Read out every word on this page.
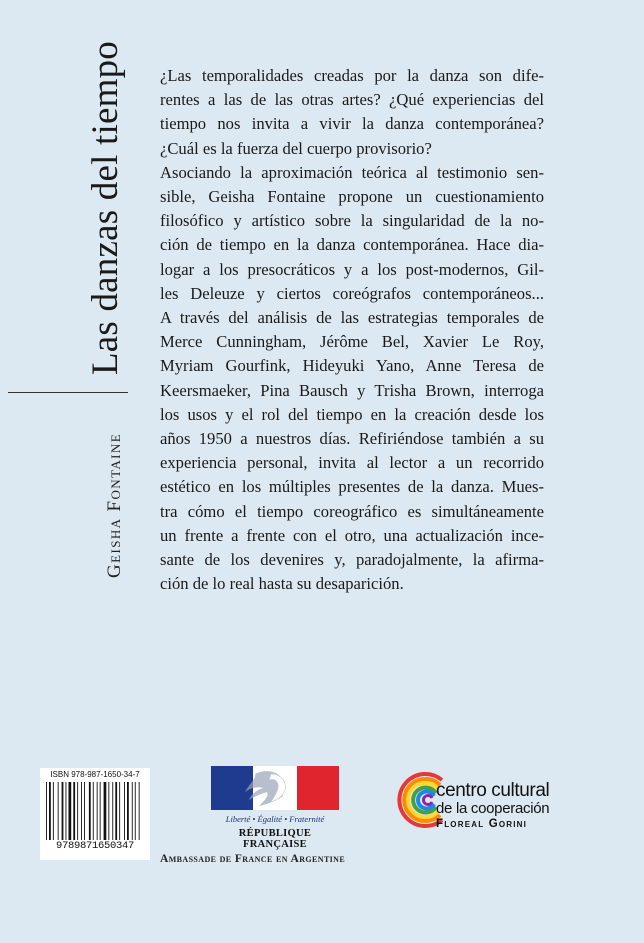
Las danzas del tiempo
Geisha Fontaine
¿Las temporalidades creadas por la danza son dife-
rentes a las de las otras artes? ¿Qué experiencias del
tiempo nos invita a vivir la danza contemporánea?
¿Cuál es la fuerza del cuerpo provisorio?
Asociando la aproximación teórica al testimonio sen-
sible, Geisha Fontaine propone un cuestionamiento
filosófico y artístico sobre la singularidad de la no-
ción de tiempo en la danza contemporánea. Hace dia-
logar a los presocráticos y a los post-modernos, Gil-
les Deleuze y ciertos coreógrafos contemporáneos...
A través del análisis de las estrategias temporales de
Merce Cunningham, Jérôme Bel, Xavier Le Roy,
Myriam Gourfink, Hideyuki Yano, Anne Teresa de
Keersmaeker, Pina Bausch y Trisha Brown, interroga
los usos y el rol del tiempo en la creación desde los
años 1950 a nuestros días. Refiriéndose también a su
experiencia personal, invita al lector a un recorrido
estético en los múltiples presentes de la danza. Mues-
tra cómo el tiempo coreográfico es simultáneamente
un frente a frente con el otro, una actualización ince-
sante de los devenires y, paradojalmente, la afirma-
ción de lo real hasta su desaparición.
ISBN 978-987-1650-34-7
9789871650347
Liberté • Égalité • Fraternité
RÉPUBLIQUE FRANÇAISE
Ambassade de France en Argentine
centro cultural
de la cooperación
Floreal Gorini
